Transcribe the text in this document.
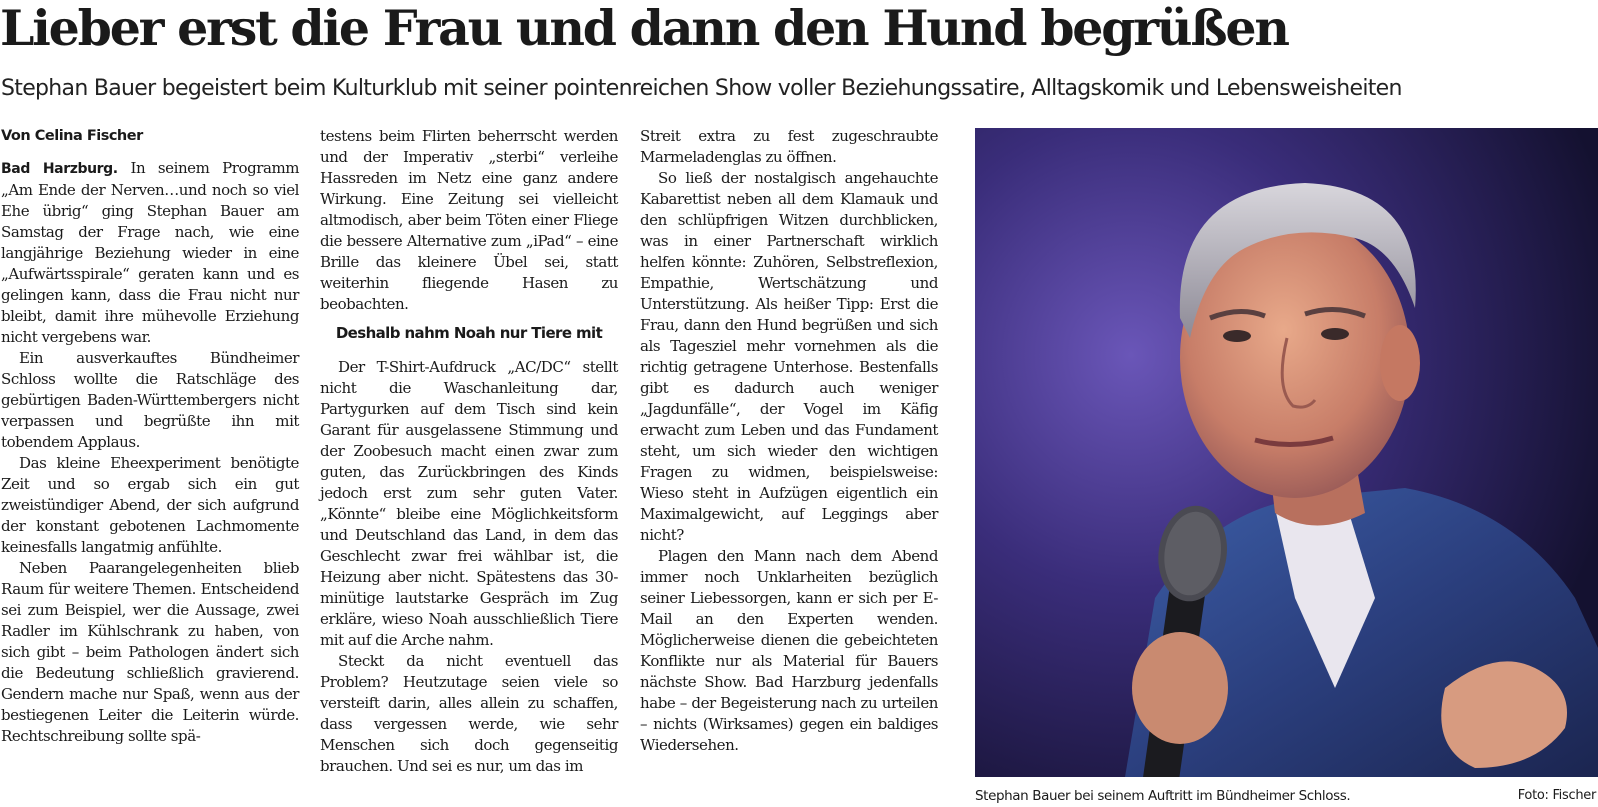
Lieber erst die Frau und dann den Hund begrüßen
Stephan Bauer begeistert beim Kulturklub mit seiner pointenreichen Show voller Beziehungssatire, Alltagskomik und Lebensweisheiten
Von Celina Fischer

Bad Harzburg. In seinem Programm „Am Ende der Nerven…und noch so viel Ehe übrig“ ging Stephan Bauer am Samstag der Frage nach, wie eine langjährige Beziehung wieder in eine „Aufwärtsspirale“ geraten kann und es gelingen kann, dass die Frau nicht nur bleibt, damit ihre mühevolle Erziehung nicht vergebens war.

Ein ausverkauftes Bündheimer Schloss wollte die Ratschläge des gebürtigen Baden-Württembergers nicht verpassen und begrüßte ihn mit tobendem Applaus.

Das kleine Eheexperiment benötigte Zeit und so ergab sich ein gut zweistündiger Abend, der sich aufgrund der konstant gebotenen Lachmomente keinesfalls langatmig anfühlte.

Neben Paarangelegenheiten blieb Raum für weitere Themen. Entscheidend sei zum Beispiel, wer die Aussage, zwei Radler im Kühlschrank zu haben, von sich gibt – beim Pathologen ändert sich die Bedeutung schließlich gravierend. Gendern mache nur Spaß, wenn aus der bestiegenen Leiter die Leiterin würde. Rechtschreibung sollte spä-

testens beim Flirten beherrscht werden und der Imperativ „sterbi“ verleihe Hassreden im Netz eine ganz andere Wirkung. Eine Zeitung sei vielleicht altmodisch, aber beim Töten einer Fliege die bessere Alternative zum „iPad“ – eine Brille das kleinere Übel sei, statt weiterhin fliegende Hasen zu beobachten.

Deshalb nahm Noah nur Tiere mit

Der T-Shirt-Aufdruck „AC/DC“ stellt nicht die Waschanleitung dar, Partygurken auf dem Tisch sind kein Garant für ausgelassene Stimmung und der Zoobesuch macht einen zwar zum guten, das Zurückbringen des Kinds jedoch erst zum sehr guten Vater. „Könnte“ bleibe eine Möglichkeitsform und Deutschland das Land, in dem das Geschlecht zwar frei wählbar ist, die Heizung aber nicht. Spätestens das 30-minütige lautstarke Gespräch im Zug erkläre, wieso Noah ausschließlich Tiere mit auf die Arche nahm.

Steckt da nicht eventuell das Problem? Heutzutage seien viele so versteift darin, alles allein zu schaffen, dass vergessen werde, wie sehr Menschen sich doch gegenseitig brauchen. Und sei es nur, um das im

Streit extra zu fest zugeschraubte Marmeladenglas zu öffnen.

So ließ der nostalgisch angehauchte Kabarettist neben all dem Klamauk und den schlüpfrigen Witzen durchblicken, was in einer Partnerschaft wirklich helfen könnte: Zuhören, Selbstreflexion, Empathie, Wertschätzung und Unterstützung. Als heißer Tipp: Erst die Frau, dann den Hund begrüßen und sich als Tagesziel mehr vornehmen als die richtig getragene Unterhose. Bestenfalls gibt es dadurch auch weniger „Jagdunfälle“, der Vogel im Käfig erwacht zum Leben und das Fundament steht, um sich wieder den wichtigen Fragen zu widmen, beispielsweise: Wieso steht in Aufzügen eigentlich ein Maximalgewicht, auf Leggings aber nicht?

Plagen den Mann nach dem Abend immer noch Unklarheiten bezüglich seiner Liebessorgen, kann er sich per E-Mail an den Experten wenden. Möglicherweise dienen die gebeichteten Konflikte nur als Material für Bauers nächste Show. Bad Harzburg jedenfalls habe – der Begeisterung nach zu urteilen – nichts (Wirksames) gegen ein baldiges Wiedersehen.

Stephan Bauer bei seinem Auftritt im Bündheimer Schloss.	Foto: Fischer
